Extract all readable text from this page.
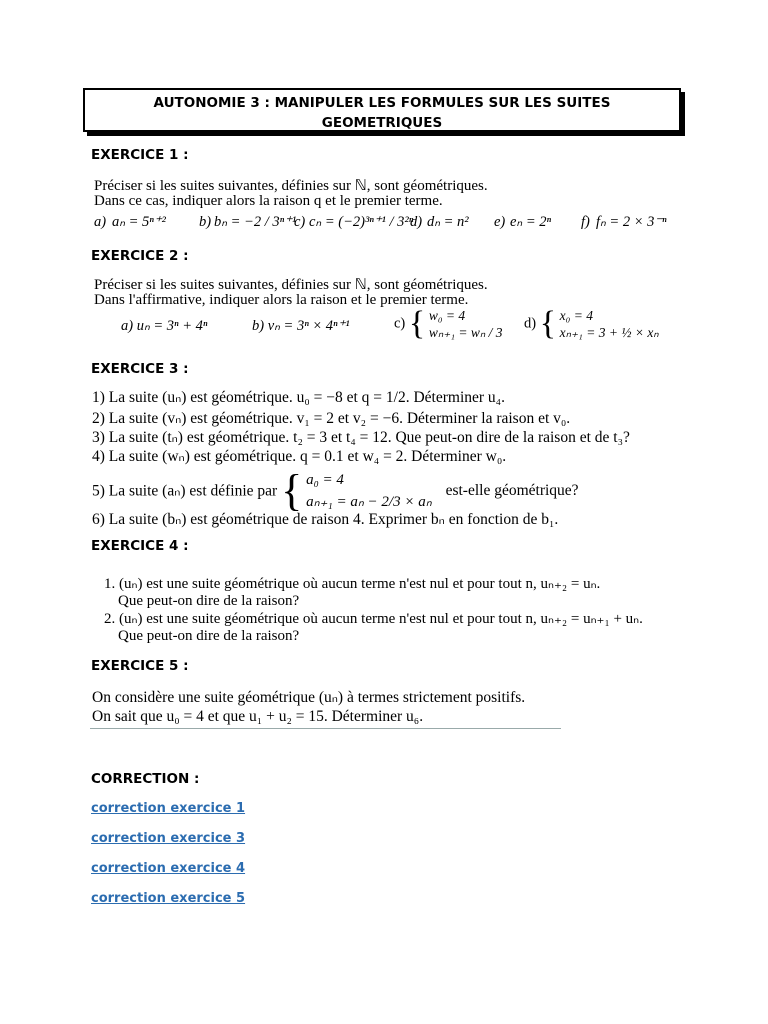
AUTONOMIE 3 : MANIPULER LES FORMULES SUR LES SUITES
GEOMETRIQUES
EXERCICE 1 :
Préciser si les suites suivantes, définies sur ℕ, sont géométriques.
Dans ce cas, indiquer alors la raison q et le premier terme.
a) aₙ = 5ⁿ⁺² b) bₙ = −2 / 3ⁿ⁺¹
c) cₙ = (−2)³ⁿ⁺¹ / 3²ⁿ
d) dₙ = n² e) eₙ = 2ⁿ f) fₙ = 2 × 3⁻ⁿ
EXERCICE 2 :
Préciser si les suites suivantes, définies sur ℕ, sont géométriques.
Dans l'affirmative, indiquer alors la raison et le premier terme.
a) uₙ = 3ⁿ + 4ⁿ	b) vₙ = 3ⁿ × 4ⁿ⁺¹	c) { w₀ = 4
wₙ₊₁ = wₙ / 3
d) { x₀ = 4
xₙ₊₁ = 3 + ½ × xₙ
EXERCICE 3 :
1) La suite (uₙ) est géométrique. u₀ = −8 et q = 1/2. Déterminer u₄.
2) La suite (vₙ) est géométrique. v₁ = 2 et v₂ = −6. Déterminer la raison et v₀.
3) La suite (tₙ) est géométrique. t₂ = 3 et t₄ = 12. Que peut-on dire de la raison et de t₃?
4) La suite (wₙ) est géométrique. q = 0.1 et w₄ = 2. Déterminer w₀.
5) La suite (aₙ) est définie par { a₀ = 4
aₙ₊₁ = aₙ − 2/3 × aₙ
est-elle géométrique?
6) La suite (bₙ) est géométrique de raison 4. Exprimer bₙ en fonction de b₁.
EXERCICE 4 :
1. (uₙ) est une suite géométrique où aucun terme n'est nul et pour tout n, uₙ₊₂ = uₙ.
Que peut-on dire de la raison?
2. (uₙ) est une suite géométrique où aucun terme n'est nul et pour tout n, uₙ₊₂ = uₙ₊₁ + uₙ.
Que peut-on dire de la raison?
EXERCICE 5 :
On considère une suite géométrique (uₙ) à termes strictement positifs.
On sait que u₀ = 4 et que u₁ + u₂ = 15. Déterminer u₆.
CORRECTION :
correction exercice 1
correction exercice 3
correction exercice 4
correction exercice 5
